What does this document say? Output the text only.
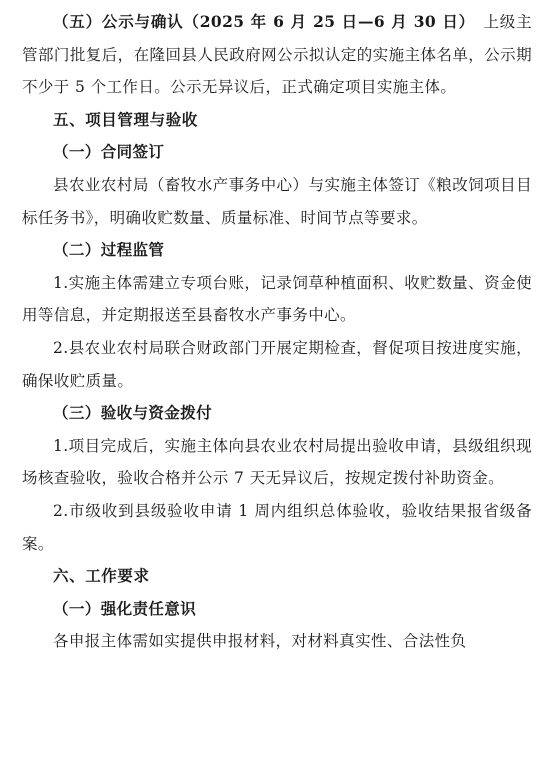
（五）公示与确认（2025 年 6 月 25 日—6 月 30 日）　上级主管部门批复后，在隆回县人民政府网公示拟认定的实施主体名单，公示期不少于 5 个工作日。公示无异议后，正式确定项目实施主体。

五、项目管理与验收

（一）合同签订

县农业农村局（畜牧水产事务中心）与实施主体签订《粮改饲项目目标任务书》，明确收贮数量、质量标准、时间节点等要求。

（二）过程监管

1.实施主体需建立专项台账，记录饲草种植面积、收贮数量、资金使用等信息，并定期报送至县畜牧水产事务中心。

2.县农业农村局联合财政部门开展定期检查，督促项目按进度实施，确保收贮质量。

（三）验收与资金拨付

1.项目完成后，实施主体向县农业农村局提出验收申请，县级组织现场核查验收，验收合格并公示 7 天无异议后，按规定拨付补助资金。

2.市级收到县级验收申请 1 周内组织总体验收，验收结果报省级备案。

六、工作要求

（一）强化责任意识

各申报主体需如实提供申报材料，对材料真实性、合法性负
